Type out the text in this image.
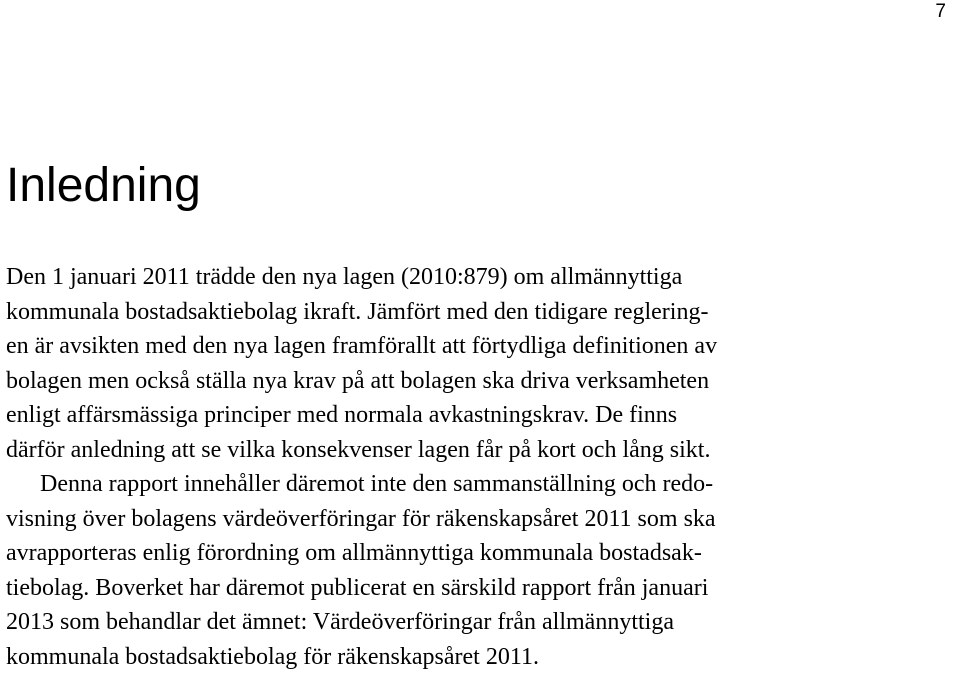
7
Inledning
Den 1 januari 2011 trädde den nya lagen (2010:879) om allmännyttiga
kommunala bostadsaktiebolag ikraft. Jämfört med den tidigare reglering-
en är avsikten med den nya lagen framförallt att förtydliga definitionen av
bolagen men också ställa nya krav på att bolagen ska driva verksamheten
enligt affärsmässiga principer med normala avkastningskrav. De finns
därför anledning att se vilka konsekvenser lagen får på kort och lång sikt.
Denna rapport innehåller däremot inte den sammanställning och redo-
visning över bolagens värdeöverföringar för räkenskapsåret 2011 som ska
avrapporteras enlig förordning om allmännyttiga kommunala bostadsak-
tiebolag. Boverket har däremot publicerat en särskild rapport från januari
2013 som behandlar det ämnet: Värdeöverföringar från allmännyttiga
kommunala bostadsaktiebolag för räkenskapsåret 2011.
